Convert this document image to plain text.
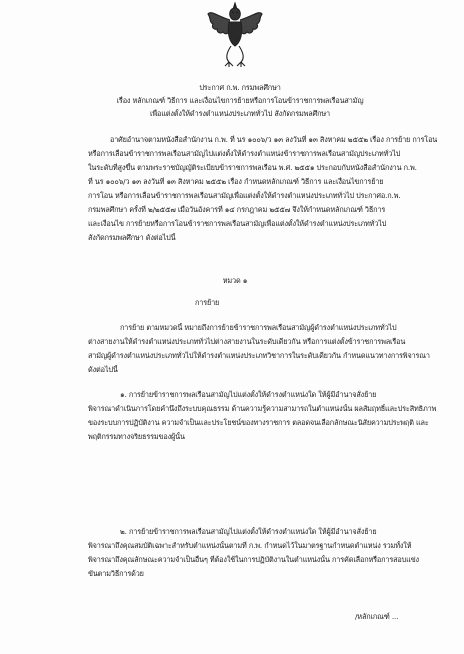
ประกาศ ก.พ. กรมพลศึกษา
เรื่อง หลักเกณฑ์ วิธีการ และเงื่อนไขการย้ายหรือการโอนข้าราชการพลเรือนสามัญ
เพื่อแต่งตั้งให้ดำรงตำแหน่งประเภททั่วไป สังกัดกรมพลศึกษา
อาศัยอำนาจตามหนังสือสำนักงาน ก.พ. ที่ นร ๑๐๐๖/ว ๑๓ ลงวันที่ ๑๓ สิงหาคม ๒๕๕๒ เรื่อง การย้าย การโอน
หรือการเลื่อนข้าราชการพลเรือนสามัญไปแต่งตั้งให้ดำรงตำแหน่งข้าราชการพลเรือนสามัญประเภททั่วไป
ในระดับที่สูงขึ้น ตามพระราชบัญญัติระเบียบข้าราชการพลเรือน พ.ศ. ๒๕๕๑ ประกอบกับหนังสือสำนักงาน ก.พ.
ที่ นร ๑๐๐๖/ว ๑๓ ลงวันที่ ๑๓ สิงหาคม ๒๕๕๒ เรื่อง กำหนดหลักเกณฑ์ วิธีการ และเงื่อนไขการย้าย
การโอน หรือการเลื่อนข้าราชการพลเรือนสามัญเพื่อแต่งตั้งให้ดำรงตำแหน่งประเภททั่วไป ประกาศอ.ก.พ.
กรมพลศึกษา ครั้งที่ ๒/๒๕๕๗ เมื่อวันอังคารที่ ๑๔ กรกฎาคม ๒๕๕๗ จึงให้กำหนดหลักเกณฑ์ วิธีการ
และเงื่อนไข การย้ายหรือการโอนข้าราชการพลเรือนสามัญเพื่อแต่งตั้งให้ดำรงตำแหน่งประเภททั่วไป
สังกัดกรมพลศึกษา ดังต่อไปนี้
หมวด ๑
การย้าย
การย้าย ตามหมวดนี้ หมายถึงการย้ายข้าราชการพลเรือนสามัญผู้ดำรงตำแหน่งประเภททั่วไป
ต่างสายงานให้ดำรงตำแหน่งประเภททั่วไปต่างสายงานในระดับเดียวกัน หรือการแต่งตั้งข้าราชการพลเรือน
สามัญผู้ดำรงตำแหน่งประเภททั่วไปให้ดำรงตำแหน่งประเภทวิชาการในระดับเดียวกัน กำหนดแนวทางการพิจารณา
ดังต่อไปนี้
๑. การย้ายข้าราชการพลเรือนสามัญไปแต่งตั้งให้ดำรงตำแหน่งใด ให้ผู้มีอำนาจสั่งย้าย
พิจารณาดำเนินการโดยคำนึงถึงระบบคุณธรรม ด้านความรู้ความสามารถในตำแหน่งนั้น ผลสัมฤทธิ์และประสิทธิภาพ
ของระบบการปฏิบัติงาน ความจำเป็นและประโยชน์ของทางราชการ ตลอดจนเลือกลักษณะนิสัยความประพฤติ และ
พฤติกรรมทางจริยธรรมของผู้นั้น
๒. การย้ายข้าราชการพลเรือนสามัญไปแต่งตั้งให้ดำรงตำแหน่งใด ให้ผู้มีอำนาจสั่งย้าย
พิจารณาถึงคุณสมบัติเฉพาะสำหรับตำแหน่งนั้นตามที่ ก.พ. กำหนดไว้ในมาตรฐานกำหนดตำแหน่ง รวมทั้งให้
พิจารณาถึงคุณลักษณะความจำเป็นอื่นๆ ที่ต้องใช้ในการปฏิบัติงานในตำแหน่งนั้น การคัดเลือกหรือการสอบแข่ง
ขันตามวิธีการด้วย
/หลักเกณฑ์ ...
